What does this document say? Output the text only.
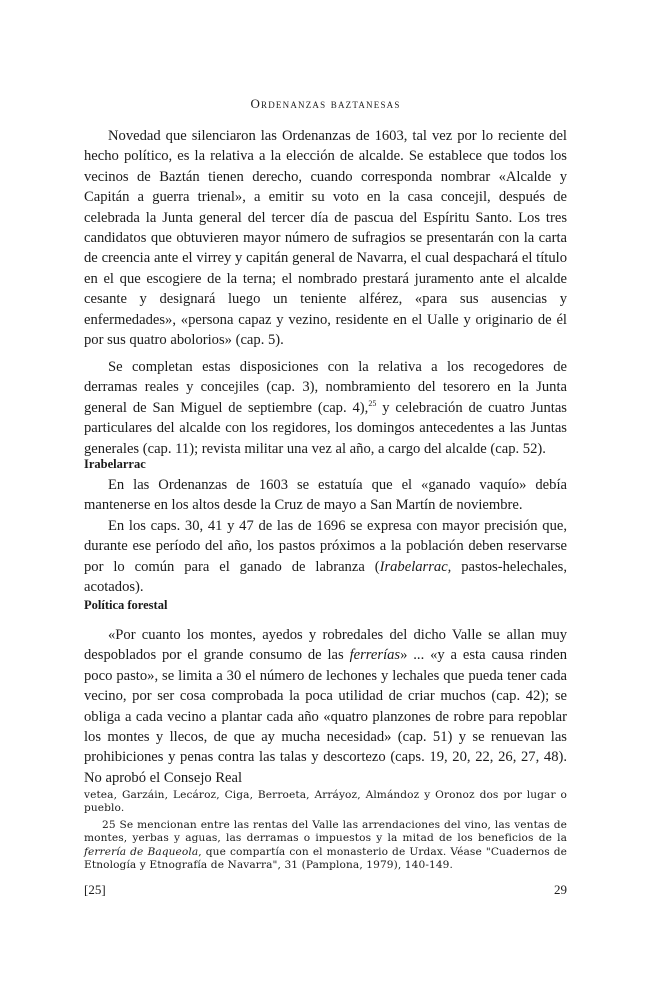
Ordenanzas baztanesas

Novedad que silenciaron las Ordenanzas de 1603, tal vez por lo reciente del hecho político, es la relativa a la elección de alcalde. Se establece que todos los vecinos de Baztán tienen derecho, cuando corresponda nombrar «Alcalde y Capitán a guerra trienal», a emitir su voto en la casa concejil, después de celebrada la Junta general del tercer día de pascua del Espíritu Santo. Los tres candidatos que obtuvieren mayor número de sufragios se presentarán con la carta de creencia ante el virrey y capitán general de Navarra, el cual despachará el título en el que escogiere de la terna; el nombrado prestará juramento ante el alcalde cesante y designará luego un teniente alférez, «para sus ausencias y enfermedades», «persona capaz y vezino, residente en el Ualle y originario de él por sus quatro abolorios» (cap. 5).

Se completan estas disposiciones con la relativa a los recogedores de derramas reales y concejiles (cap. 3), nombramiento del tesorero en la Junta general de San Miguel de septiembre (cap. 4),$^{25}$ y celebración de cuatro Juntas particulares del alcalde con los regidores, los domingos antecedentes a las Juntas generales (cap. 11); revista militar una vez al año, a cargo del alcalde (cap. 52).

Irabelarrac

En las Ordenanzas de 1603 se estatuía que el «ganado vaquío» debía mantenerse en los altos desde la Cruz de mayo a San Martín de noviembre.

En los caps. 30, 41 y 47 de las de 1696 se expresa con mayor precisión que, durante ese período del año, los pastos próximos a la población deben reservarse por lo común para el ganado de labranza (Irabelarrac, pastos-helechales, acotados).

Política forestal

«Por cuanto los montes, ayedos y robredales del dicho Valle se allan muy despoblados por el grande consumo de las ferrerías» ... «y a esta causa rinden poco pasto», se limita a 30 el número de lechones y lechales que pueda tener cada vecino, por ser cosa comprobada la poca utilidad de criar muchos (cap. 42); se obliga a cada vecino a plantar cada año «quatro planzones de robre para repoblar los montes y llecos, de que ay mucha necesidad» (cap. 51) y se renuevan las prohibiciones y penas contra las talas y descortezo (caps. 19, 20, 22, 26, 27, 48). No aprobó el Consejo Real

vetea, Garzáin, Lecároz, Ciga, Berroeta, Arráyoz, Almándoz y Oronoz dos por lugar o pueblo.

25 Se mencionan entre las rentas del Valle las arrendaciones del vino, las ventas de montes, yerbas y aguas, las derramas o impuestos y la mitad de los beneficios de la ferrería de Baqueola, que compartía con el monasterio de Urdax. Véase "Cuadernos de Etnología y Etnografía de Navarra", 31 (Pamplona, 1979), 140-149.

[25]	29
